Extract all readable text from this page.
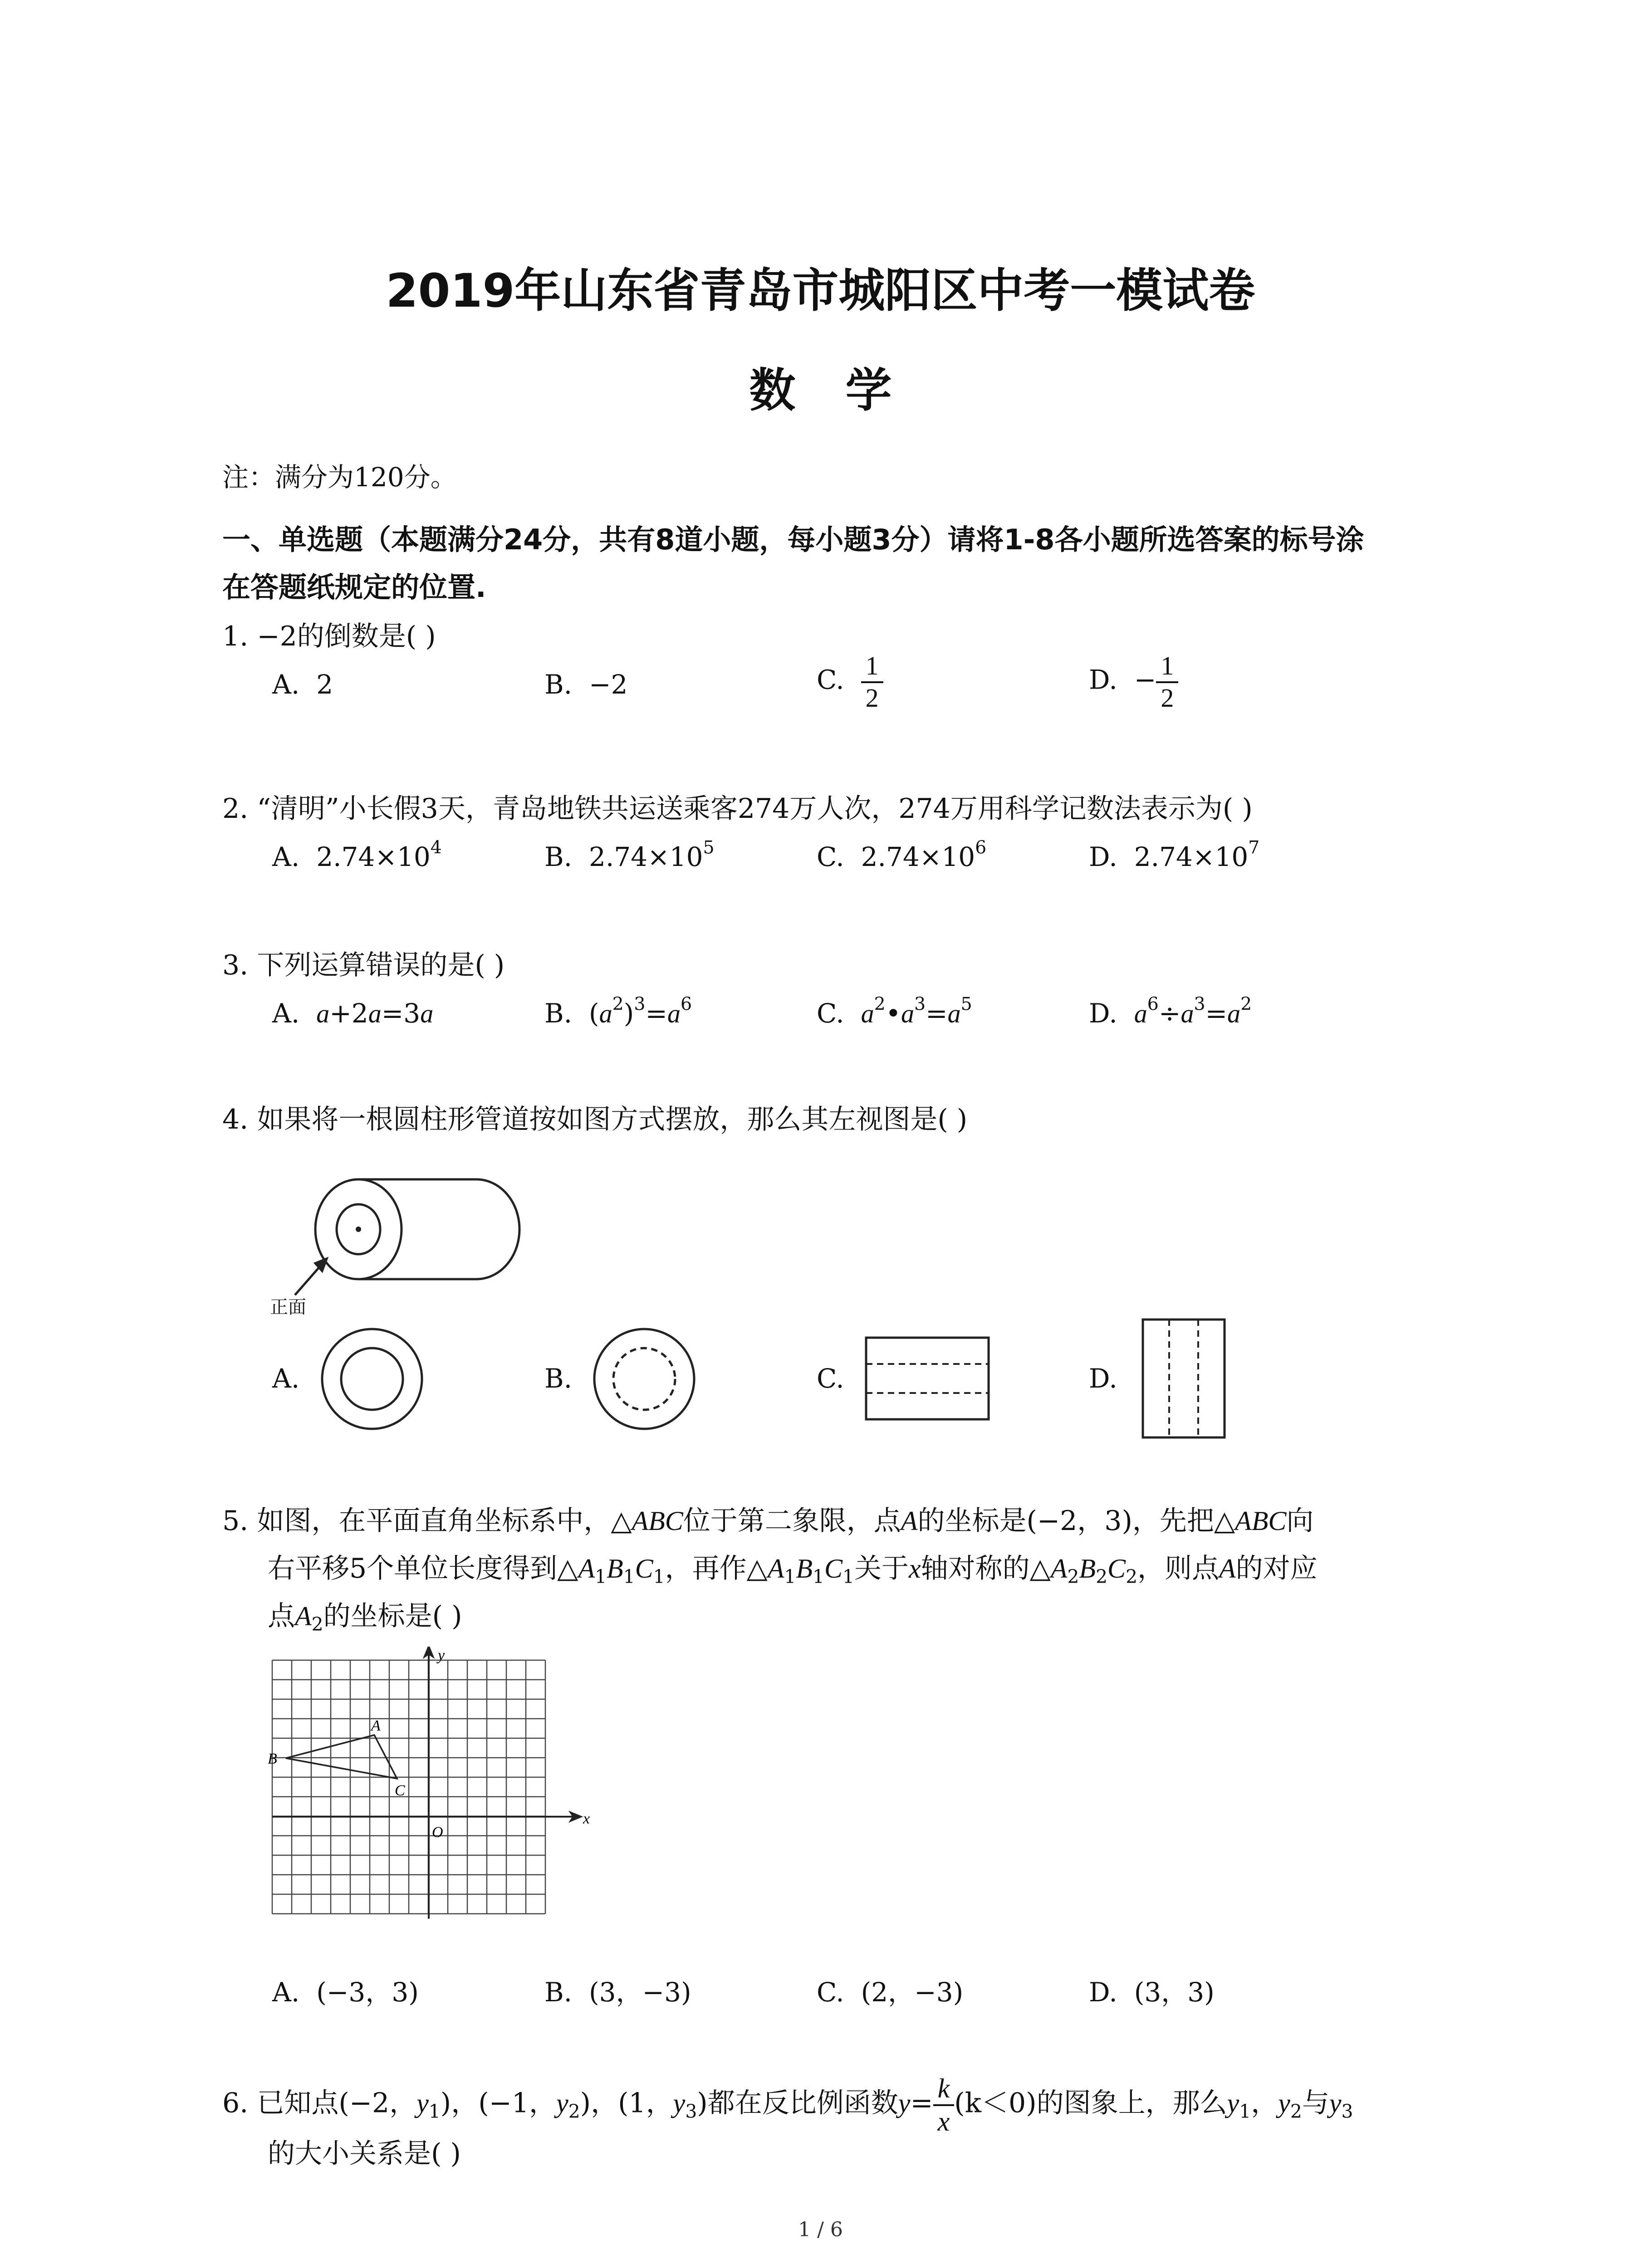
2019年山东省青岛市城阳区中考一模试卷
数学
注：满分为120分。
一、单选题（本题满分24分，共有8道小题，每小题3分）请将1-8各小题所选答案的标号涂
在答题纸规定的位置.
1. −2的倒数是( )
A. 2	B. −2	C. $\frac{1}{2}$	D. − $\frac{1}{2}$
2. “清明”小长假3天，青岛地铁共运送乘客274万人次，274万用科学记数法表示为( )
A. $2.74\times 10^4$	B. $2.74\times 10^5$	C. $2.74\times 10^6$	D. $2.74\times 10^7$
3. 下列运算错误的是( )
A. a+2a=3a	B.  $(a^2)^3=a^6$	C. $a^2•a^3=a^5$	D. $a^6\div a^3=a^2$
4. 如果将一根圆柱形管道按如图方式摆放，那么其左视图是( )
正面
A.	B.	C.	D.
5. 如图，在平面直角坐标系中，△ABC位于第二象限，点A的坐标是(−2，3)，先把△ABC向
右平移5个单位长度得到$\triangle A_1B_1C_1$，再作$\triangle A_1B_1C_1$关于x轴对称的$\triangle A_2B_2C_2$，则点A的对应
点$A_2$的坐标是( )
y
x
O
A
B
C
A. (−3，3)	B. (3，−3)	C. (2，−3)	D. (3，3)
6. 已知点(−2，$y_1$)，(−1，$y_2$)，(1，$y_3$)都在反比例函数$y= \frac{k}{x} (k<0)$的图象上，那么$y_1$，$y_2$与$y_3$
的大小关系是( )
1 / 6
